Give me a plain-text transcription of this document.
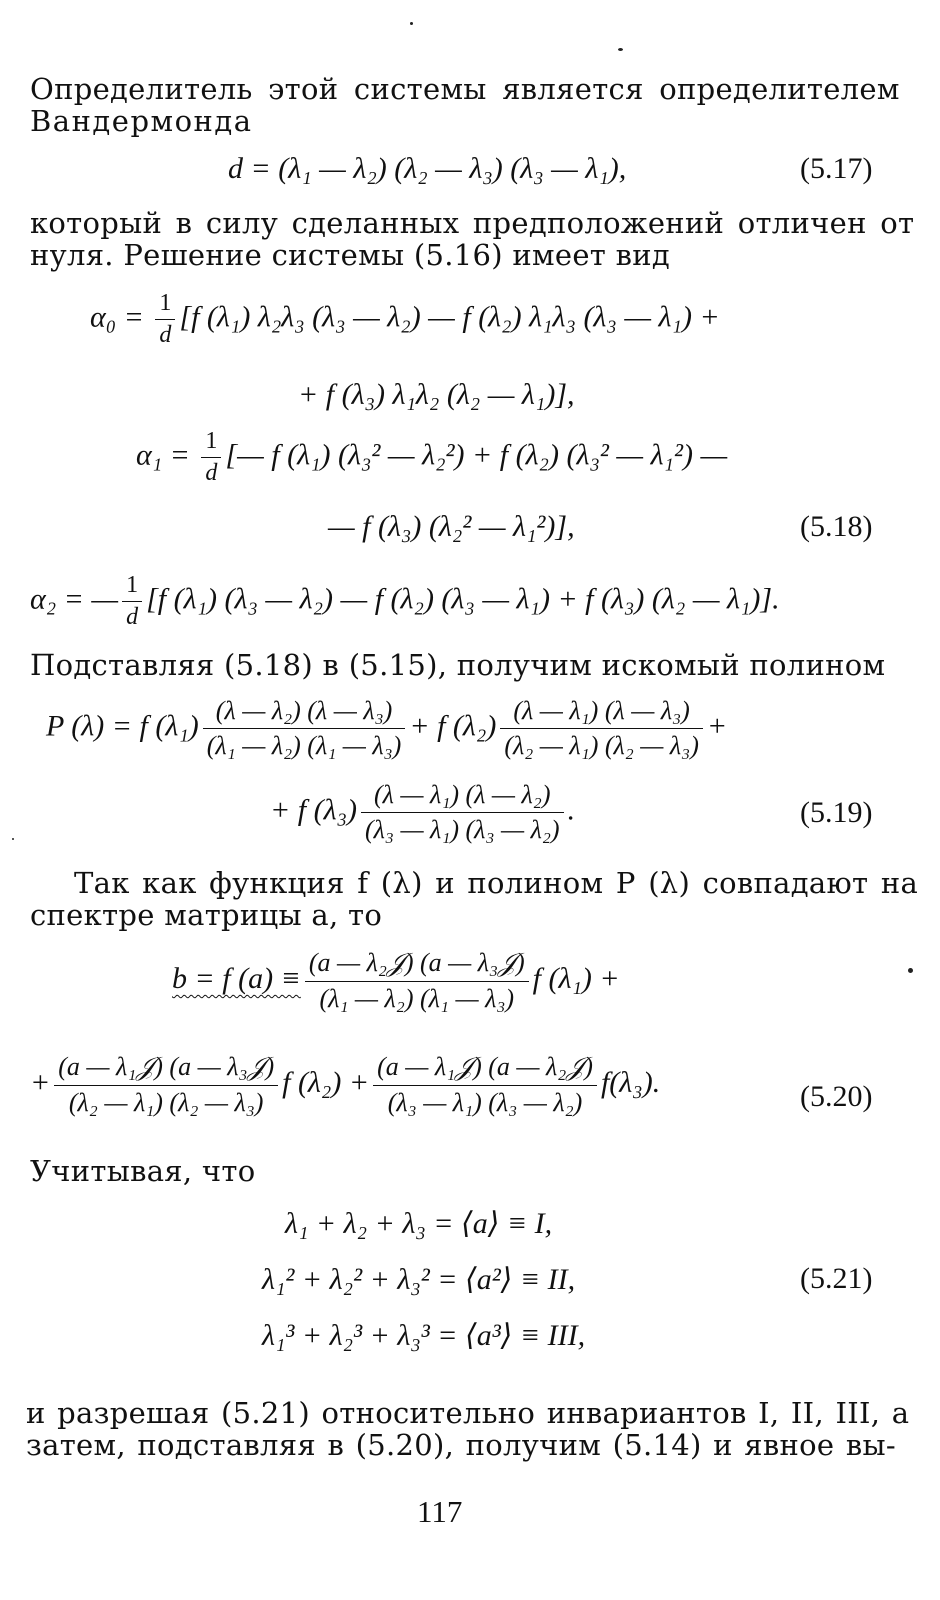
Определитель этой системы является определителем
Вандермонда
d = (λ₁ — λ₂) (λ₂ — λ₃) (λ₃ — λ₁),	(5.17)
который в силу сделанных предположений отличен от
нуля. Решение системы (5.16) имеет вид
$\alpha_0 = \frac{1}{d} [f$ (λ₁) λ₂λ₃ (λ₃ — λ₂) — f (λ₂) λ₁λ₃ (λ₃ — λ₁) +
+ f (λ₃) λ₁λ₂ (λ₂ — λ₁)],
$\alpha_1 = \frac{1}{d}$ [— f (λ₁) (λ₃² — λ₂²) + f (λ₂) (λ₃² — λ₁²) —
— f (λ₃) (λ₂² — λ₁²)],	(5.18)
α₂ = — $\frac{1}{d} [f$ (λ₁) (λ₃ — λ₂) — f (λ₂) (λ₃ — λ₁) + f (λ₃) (λ₂ — λ₁)].
Подставляя (5.18) в (5.15), получим искомый полином
P (λ) = f $(\lambda_1) \frac{\text{(λ — λ₂) (λ — λ₃)}}{\text{(λ₁ — λ₂) (λ₁ — λ₃)}} + f$ $(\lambda_2) \frac{\text{(λ — λ₁) (λ — λ₃)}}{\text{(λ₂ — λ₁) (λ₂ — λ₃)}}$ +
+ f $(\lambda_3) \frac{\text{(λ — λ₁) (λ — λ₂)}}{\text{(λ₃ — λ₁) (λ₃ — λ₂)}}$ .	(5.19)
Так как функция f (λ) и полином P (λ) совпадают на
спектре матрицы a, то
b = f $(a) \equiv \frac{\text{(a — λ₂𝒥) (a — λ₃𝒥)}}{\text{(λ₁ — λ₂) (λ₁ — λ₃)}}$ f (λ₁) +
+ $\frac{\text{(a — λ₁𝒥) (a — λ₃𝒥)}}{\text{(λ₂ — λ₁) (λ₂ — λ₃)}}$ f $(\lambda_2) + \frac{\text{(a — λ₁𝒥) (a — λ₂𝒥)}}{\text{(λ₃ — λ₁) (λ₃ — λ₂)}} f(\lambda_3)$.	(5.20)
Учитывая, что
λ₁ + λ₂ + λ₃ = ⟨a⟩ ≡ I,
λ₁² + λ₂² + λ₃² = ⟨a²⟩ ≡ II,
λ₁³ + λ₂³ + λ₃³ = ⟨a³⟩ ≡ III,
(5.21)
и разрешая (5.21) относительно инвариантов I, II, III, а
затем, подставляя в (5.20), получим (5.14) и явное вы-
117
